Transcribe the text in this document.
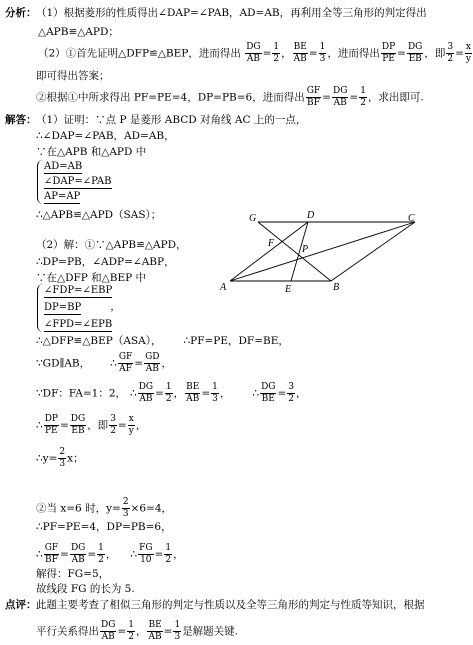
分析： （1）根据菱形的性质得出∠DAP=∠PAB，AD=AB，再利用全等三角形的判定得出
△APB≌△APD；
（2）①首先证明△DFP≌△BEP，进而得出 $\frac{DG}{AB} = \frac{1}{2}$ ， $\frac{BE}{AB} = \frac{1}{3}$ ，进而得出 $\frac{DP}{PE} = \frac{DG}{EB}$ ，即 $\frac{3}{2} = \frac{x}{y}$
即可得出答案；
②根据①中所求得出 PF=PE=4，DP=PB=6，进而得出 $\frac{GF}{BF} = \frac{DG}{AB} = \frac{1}{2}$ ，求出即可.
解答： （1）证明：∵点 P 是菱形 ABCD 对角线 AC 上的一点，
∴∠DAP=∠PAB，AD=AB，
∵在△APB 和△APD 中
AD=AB
∠DAP=∠PAB
AP=AP
∴△APB≌△APD（SAS）；
（2）解：①∵△APB≌△APD，
∴DP=PB，∠ADP=∠ABP，
∵在△DFP 和△BEP 中
∠FDP=∠EBP
DP=BP	，
∠FPD=∠EPB
∴△DFP≌△BEP（ASA）， ∴PF=PE，DF=BE，
∵GD∥AB， ∴ $\frac{GF}{AF} = \frac{GD}{AB}$ ，
∵DF：FA=1：2， ∴ $\frac{DG}{AB} = \frac{1}{2}$ ， $\frac{BE}{AB} = \frac{1}{3}$ ， ∴ $\frac{DG}{BE} = \frac{3}{2}$ ，
∴ $\frac{DP}{PE} = \frac{DG}{EB}$ ，即 $\frac{3}{2} = \frac{x}{y}$ ，
∴y= $\frac{2}{3}$ x；
②当 x=6 时，$y= \frac{2}{3} \times 6=4$，
∴PF=PE=4，DP=PB=6，
∴ $\frac{GF}{BF} = \frac{DG}{AB} = \frac{1}{2}$ ， ∴ $\frac{FG}{10} = \frac{1}{2}$ ，
解得：FG=5，
故线段 FG 的长为 5.
点评： 此题主要考查了相似三角形的判定与性质以及全等三角形的判定与性质等知识，根据
平行关系得出 $\frac{DG}{AB} = \frac{1}{2}$ ， $\frac{BE}{AB} = \frac{1}{3}$ 是解题关键.
G	D	C
F
P
A	E	B
